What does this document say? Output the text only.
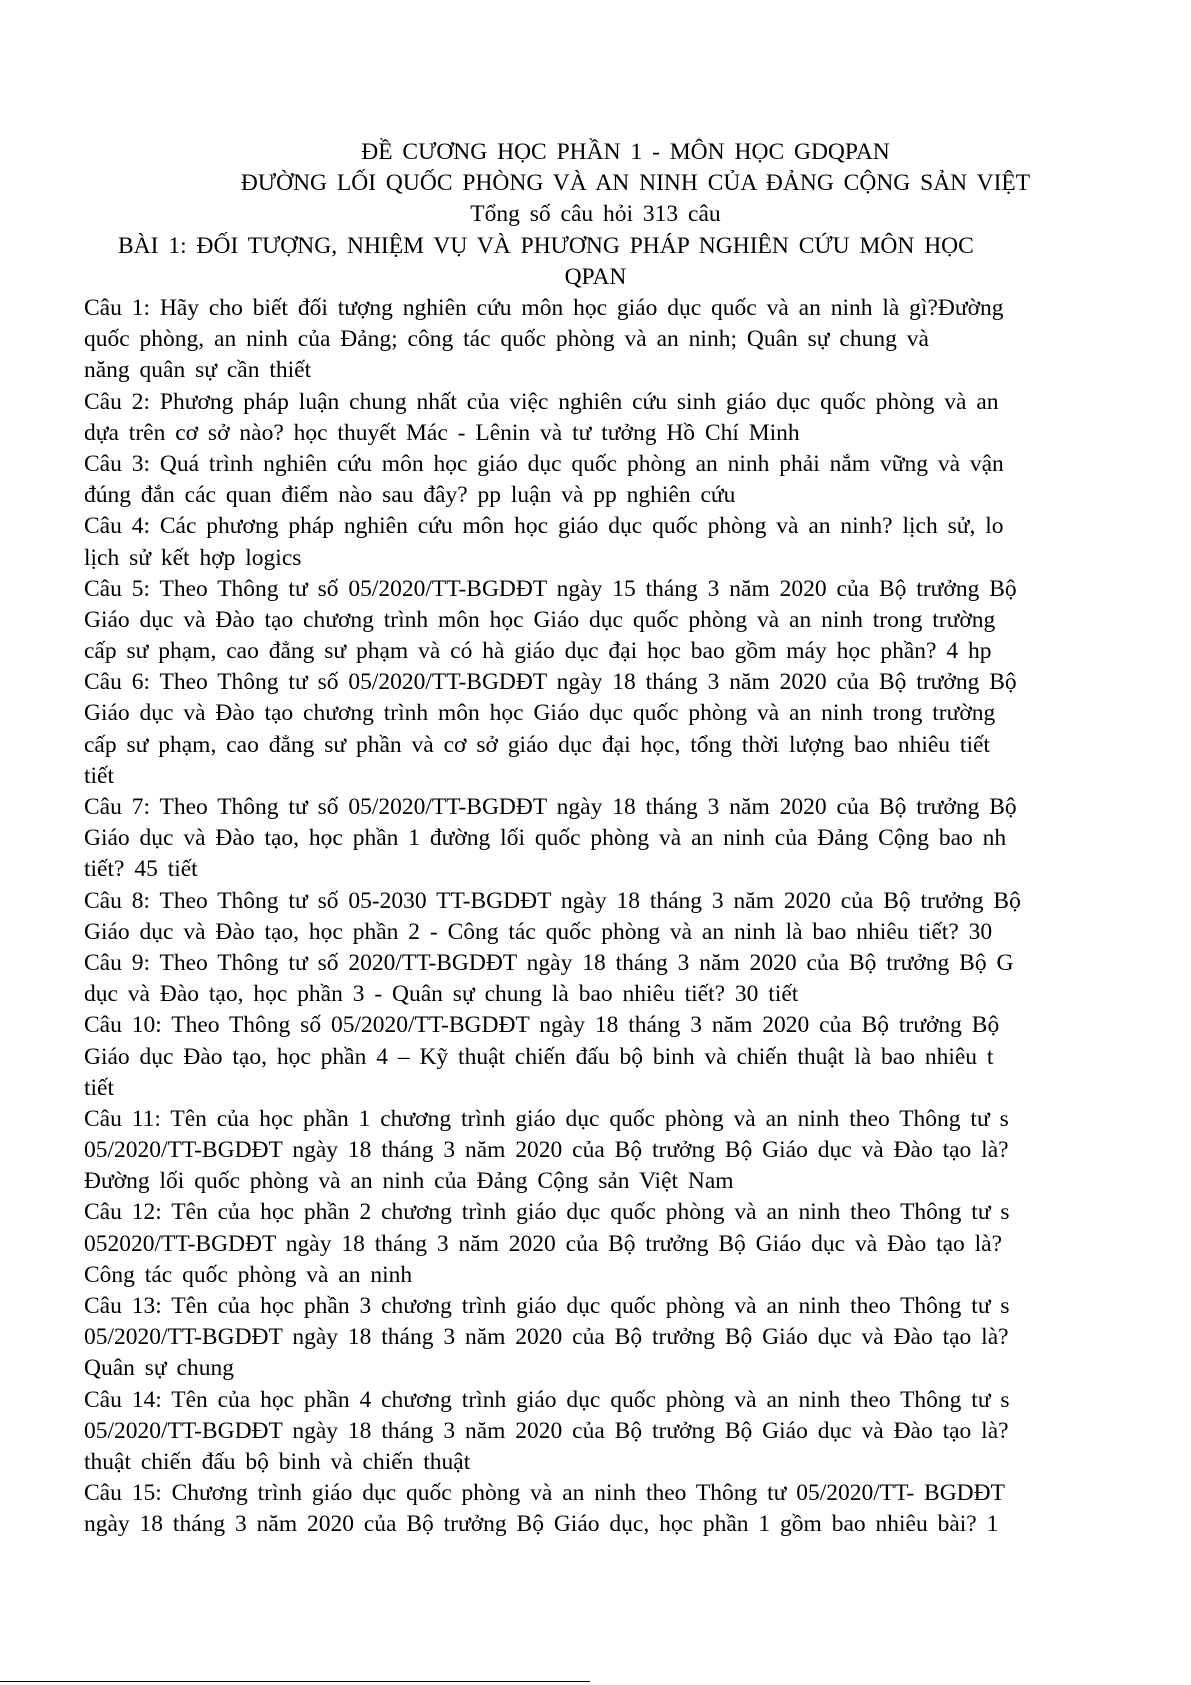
ĐỀ CƯƠNG HỌC PHẦN 1 - MÔN HỌC GDQPAN
ĐƯỜNG LỐI QUỐC PHÒNG VÀ AN NINH CỦA ĐẢNG CỘNG SẢN VIỆT
Tổng số câu hỏi 313 câu
BÀI 1: ĐỐI TƯỢNG, NHIỆM VỤ VÀ PHƯƠNG PHÁP NGHIÊN CỨU MÔN HỌC
QPAN
Câu 1: Hãy cho biết đối tượng nghiên cứu môn học giáo dục quốc và an ninh là gì?Đường
quốc phòng, an ninh của Đảng; công tác quốc phòng và an ninh; Quân sự chung và
năng quân sự cần thiết
Câu 2: Phương pháp luận chung nhất của việc nghiên cứu sinh giáo dục quốc phòng và an
dựa trên cơ sở nào? học thuyết Mác - Lênin và tư tưởng Hồ Chí Minh
Câu 3: Quá trình nghiên cứu môn học giáo dục quốc phòng an ninh phải nắm vững và vận
đúng đắn các quan điểm nào sau đây? pp luận và pp nghiên cứu
Câu 4: Các phương pháp nghiên cứu môn học giáo dục quốc phòng và an ninh? lịch sử, lo
lịch sử kết hợp logics
Câu 5: Theo Thông tư số 05/2020/TT-BGDĐT ngày 15 tháng 3 năm 2020 của Bộ trưởng Bộ
Giáo dục và Đào tạo chương trình môn học Giáo dục quốc phòng và an ninh trong trường
cấp sư phạm, cao đẳng sư phạm và có hà giáo dục đại học bao gồm máy học phần? 4 hp
Câu 6: Theo Thông tư số 05/2020/TT-BGDĐT ngày 18 tháng 3 năm 2020 của Bộ trưởng Bộ
Giáo dục và Đào tạo chương trình môn học Giáo dục quốc phòng và an ninh trong trường
cấp sư phạm, cao đẳng sư phần và cơ sở giáo dục đại học, tổng thời lượng bao nhiêu tiết
tiết
Câu 7: Theo Thông tư số 05/2020/TT-BGDĐT ngày 18 tháng 3 năm 2020 của Bộ trưởng Bộ
Giáo dục và Đào tạo, học phần 1 đường lối quốc phòng và an ninh của Đảng Cộng bao nh
tiết? 45 tiết
Câu 8: Theo Thông tư số 05-2030 TT-BGDĐT ngày 18 tháng 3 năm 2020 của Bộ trưởng Bộ
Giáo dục và Đào tạo, học phần 2 - Công tác quốc phòng và an ninh là bao nhiêu tiết? 30
Câu 9: Theo Thông tư số 2020/TT-BGDĐT ngày 18 tháng 3 năm 2020 của Bộ trưởng Bộ G
dục và Đào tạo, học phần 3 - Quân sự chung là bao nhiêu tiết? 30 tiết
Câu 10: Theo Thông số 05/2020/TT-BGDĐT ngày 18 tháng 3 năm 2020 của Bộ trưởng Bộ
Giáo dục Đào tạo, học phần 4 – Kỹ thuật chiến đấu bộ binh và chiến thuật là bao nhiêu t
tiết
Câu 11: Tên của học phần 1 chương trình giáo dục quốc phòng và an ninh theo Thông tư s
05/2020/TT-BGDĐT ngày 18 tháng 3 năm 2020 của Bộ trưởng Bộ Giáo dục và Đào tạo là?
Đường lối quốc phòng và an ninh của Đảng Cộng sản Việt Nam
Câu 12: Tên của học phần 2 chương trình giáo dục quốc phòng và an ninh theo Thông tư s
052020/TT-BGDĐT ngày 18 tháng 3 năm 2020 của Bộ trưởng Bộ Giáo dục và Đào tạo là?
Công tác quốc phòng và an ninh
Câu 13: Tên của học phần 3 chương trình giáo dục quốc phòng và an ninh theo Thông tư s
05/2020/TT-BGDĐT ngày 18 tháng 3 năm 2020 của Bộ trưởng Bộ Giáo dục và Đào tạo là?
Quân sự chung
Câu 14: Tên của học phần 4 chương trình giáo dục quốc phòng và an ninh theo Thông tư s
05/2020/TT-BGDĐT ngày 18 tháng 3 năm 2020 của Bộ trưởng Bộ Giáo dục và Đào tạo là?
thuật chiến đấu bộ binh và chiến thuật
Câu 15: Chương trình giáo dục quốc phòng và an ninh theo Thông tư 05/2020/TT- BGDĐT
ngày 18 tháng 3 năm 2020 của Bộ trưởng Bộ Giáo dục, học phần 1 gồm bao nhiêu bài? 1
